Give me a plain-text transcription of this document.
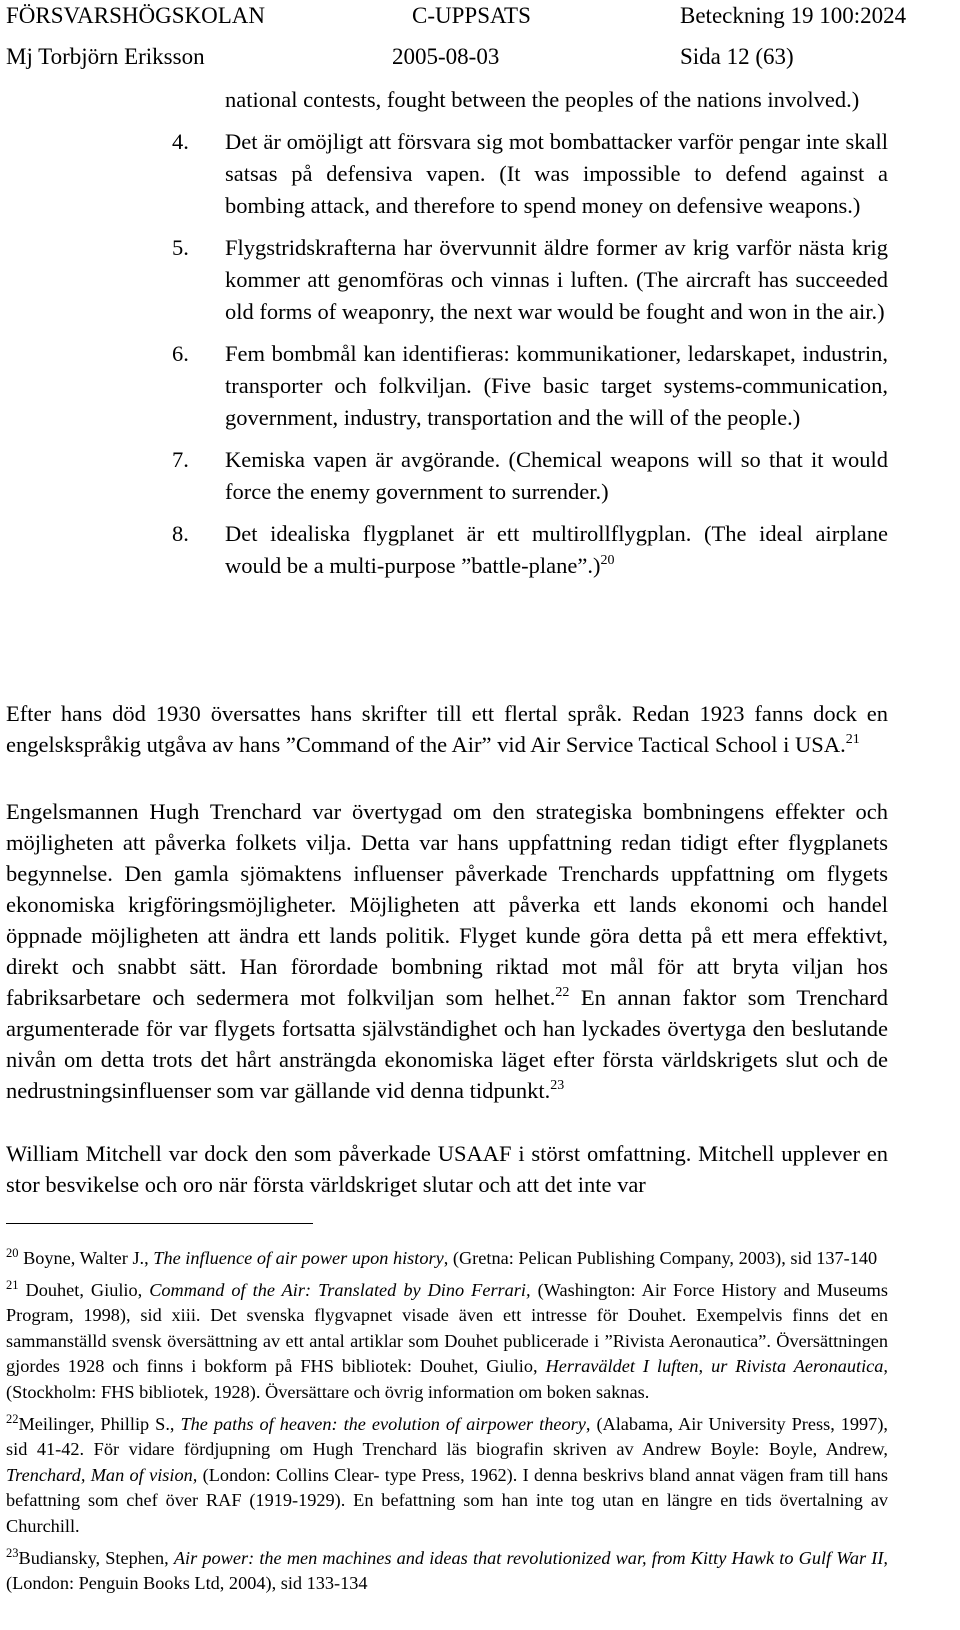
FÖRSVARSHÖGSKOLAN	C-UPPSATS	Beteckning 19 100:2024
Mj Torbjörn Eriksson	2005-08-03	Sida 12 (63)
national contests, fought between the peoples of the nations involved.)
4. Det är omöjligt att försvara sig mot bombattacker varför pengar inte skall satsas på defensiva vapen. (It was impossible to defend against a bombing attack, and therefore to spend money on defensive weapons.)
5. Flygstridskrafterna har övervunnit äldre former av krig varför nästa krig kommer att genomföras och vinnas i luften. (The aircraft has succeeded old forms of weaponry, the next war would be fought and won in the air.)
6. Fem bombmål kan identifieras: kommunikationer, ledarskapet, industrin, transporter och folkviljan. (Five basic target systems-communication, government, industry, transportation and the will of the people.)
7. Kemiska vapen är avgörande. (Chemical weapons will so that it would force the enemy government to surrender.)
8. Det idealiska flygplanet är ett multirollflygplan. (The ideal airplane would be a multi-purpose ”battle-plane”.)$^{20}$

Efter hans död 1930 översattes hans skrifter till ett flertal språk. Redan 1923 fanns dock en engelskspråkig utgåva av hans ”Command of the Air” vid Air Service Tactical School i USA.$^{21}$

Engelsmannen Hugh Trenchard var övertygad om den strategiska bombningens effekter och möjligheten att påverka folkets vilja. Detta var hans uppfattning redan tidigt efter flygplanets begynnelse. Den gamla sjömaktens influenser påverkade Trenchards uppfattning om flygets ekonomiska krigföringsmöjligheter. Möjligheten att påverka ett lands ekonomi och handel öppnade möjligheten att ändra ett lands politik. Flyget kunde göra detta på ett mera effektivt, direkt och snabbt sätt. Han förordade bombning riktad mot mål för att bryta viljan hos fabriksarbetare och sedermera mot folkviljan som helhet.$^{22}$ En annan faktor som Trenchard argumenterade för var flygets fortsatta självständighet och han lyckades övertyga den beslutande nivån om detta trots det hårt ansträngda ekonomiska läget efter första världskrigets slut och de nedrustningsinfluenser som var gällande vid denna tidpunkt.$^{23}$

William Mitchell var dock den som påverkade USAAF i störst omfattning. Mitchell upplever en stor besvikelse och oro när första världskriget slutar och att det inte var

$^{20}$ Boyne, Walter J., The influence of air power upon history, (Gretna: Pelican Publishing Company, 2003), sid 137-140

$^{21}$ Douhet, Giulio, Command of the Air: Translated by Dino Ferrari, (Washington: Air Force History and Museums Program, 1998), sid xiii. Det svenska flygvapnet visade även ett intresse för Douhet. Exempelvis finns det en sammanställd svensk översättning av ett antal artiklar som Douhet publicerade i ”Rivista Aeronautica”. Översättningen gjordes 1928 och finns i bokform på FHS bibliotek: Douhet, Giulio, Herraväldet I luften, ur Rivista Aeronautica, (Stockholm: FHS bibliotek, 1928). Översättare och övrig information om boken saknas.

$^{22}$Meilinger, Phillip S., The paths of heaven: the evolution of airpower theory, (Alabama, Air University Press, 1997), sid 41-42. För vidare fördjupning om Hugh Trenchard läs biografin skriven av Andrew Boyle: Boyle, Andrew, Trenchard, Man of vision, (London: Collins Clear- type Press, 1962). I denna beskrivs bland annat vägen fram till hans befattning som chef över RAF (1919-1929). En befattning som han inte tog utan en längre en tids övertalning av Churchill.

$^{23}$Budiansky, Stephen, Air power: the men machines and ideas that revolutionized war, from Kitty Hawk to Gulf War II, (London: Penguin Books Ltd, 2004), sid 133-134
